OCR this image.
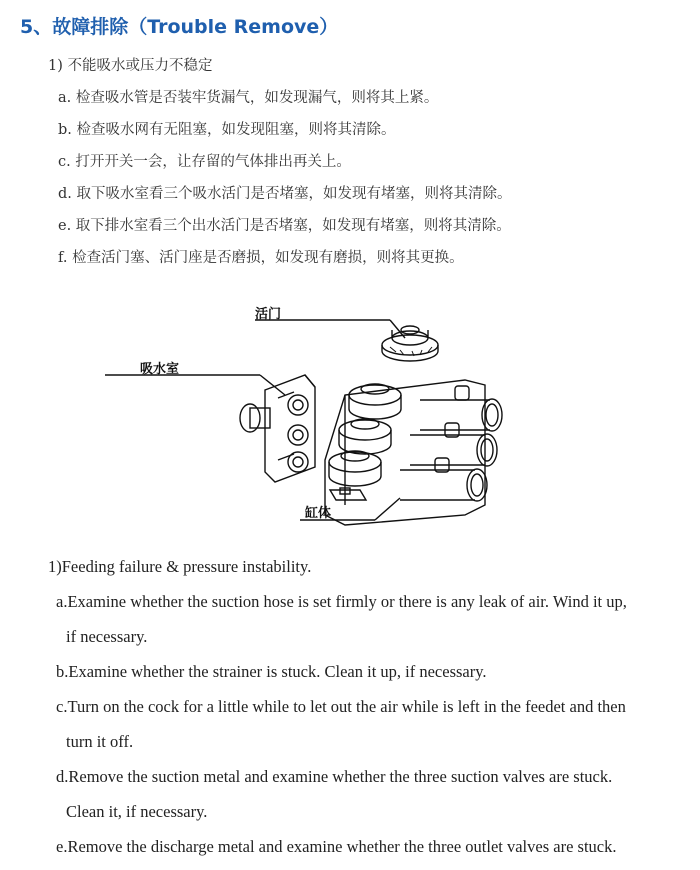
5、故障排除（Trouble Remove）
1) 不能吸水或压力不稳定
a. 检查吸水管是否装牢货漏气，如发现漏气，则将其上紧。
b. 检查吸水网有无阻塞，如发现阻塞，则将其清除。
c. 打开开关一会，让存留的气体排出再关上。
d. 取下吸水室看三个吸水活门是否堵塞，如发现有堵塞，则将其清除。
e. 取下排水室看三个出水活门是否堵塞，如发现有堵塞，则将其清除。
f. 检查活门塞、活门座是否磨损，如发现有磨损，则将其更换。
活门
吸水室
缸体
1)Feeding failure & pressure instability.
a.Examine whether the suction hose is set firmly or there is any leak of air. Wind it up,
if necessary.
b.Examine whether the strainer is stuck. Clean it up, if necessary.
c.Turn on the cock for a little while to let out the air while is left in the feedet and then
turn it off.
d.Remove the suction metal and examine whether the three suction valves are stuck.
Clean it, if necessary.
e.Remove the discharge metal and examine whether the three outlet valves are stuck.
